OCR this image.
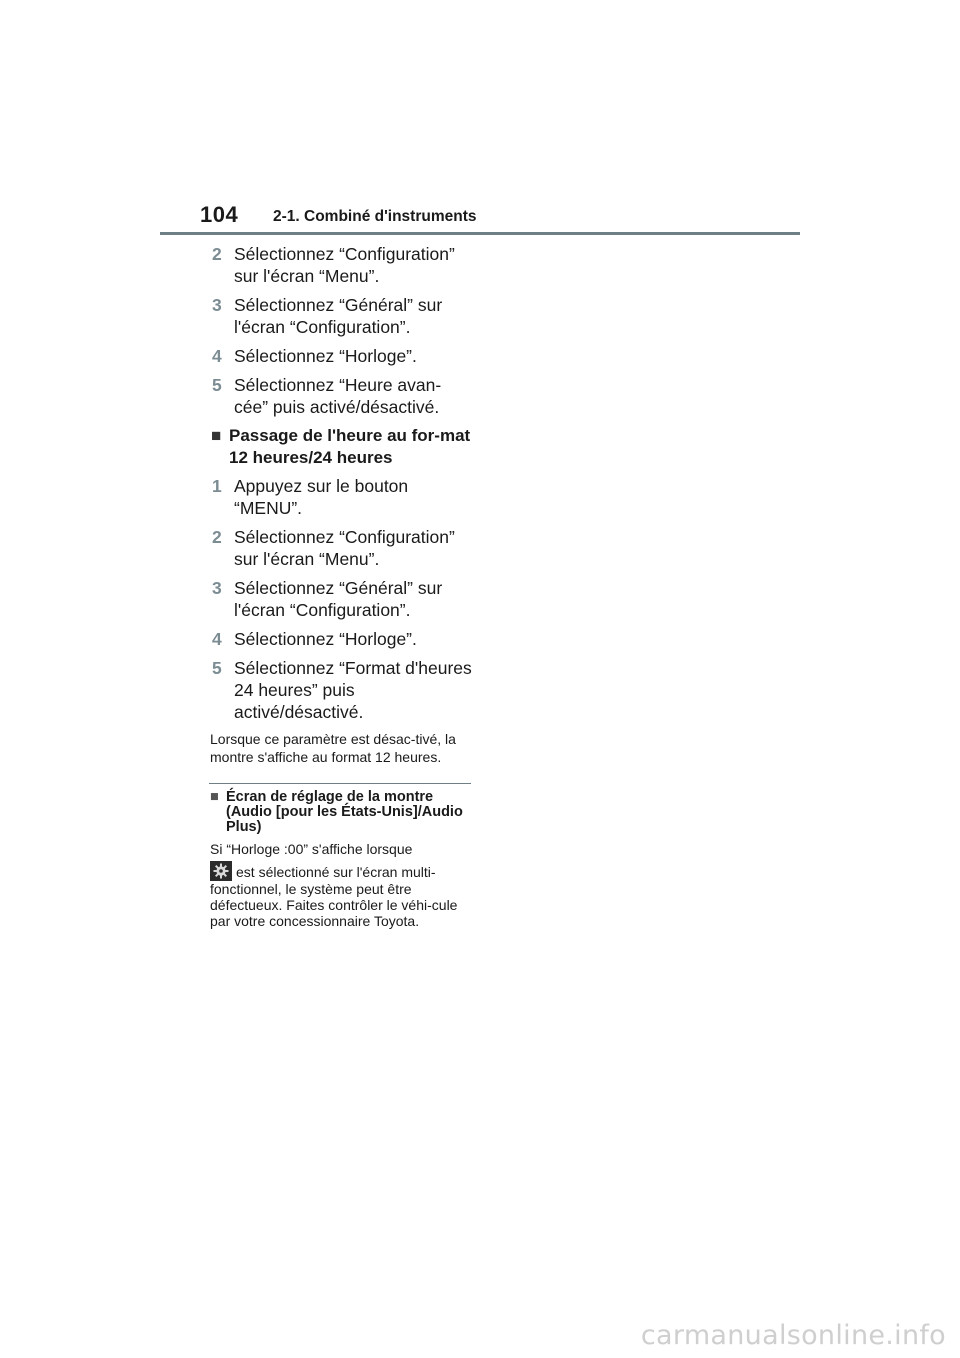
104 2-1. Combiné d'instruments
2 Sélectionnez “Configuration” sur l'écran “Menu”.
3 Sélectionnez “Général” sur l'écran “Configuration”.
4 Sélectionnez “Horloge”.
5 Sélectionnez “Heure avan-cée” puis activé/désactivé.
■ Passage de l'heure au for-mat 12 heures/24 heures
1 Appuyez sur le bouton “MENU”.
2 Sélectionnez “Configuration” sur l'écran “Menu”.
3 Sélectionnez “Général” sur l'écran “Configuration”.
4 Sélectionnez “Horloge”.
5 Sélectionnez “Format d'heures 24 heures” puis activé/désactivé.
Lorsque ce paramètre est désac-tivé, la montre s'affiche au format 12 heures.
■ Écran de réglage de la montre (Audio [pour les États-Unis]/Audio Plus)
Si “Horloge :00” s'affiche lorsque
est sélectionné sur l'écran multi-fonctionnel, le système peut être défectueux. Faites contrôler le véhi-cule par votre concessionnaire Toyota.
carmanualsonline.info
